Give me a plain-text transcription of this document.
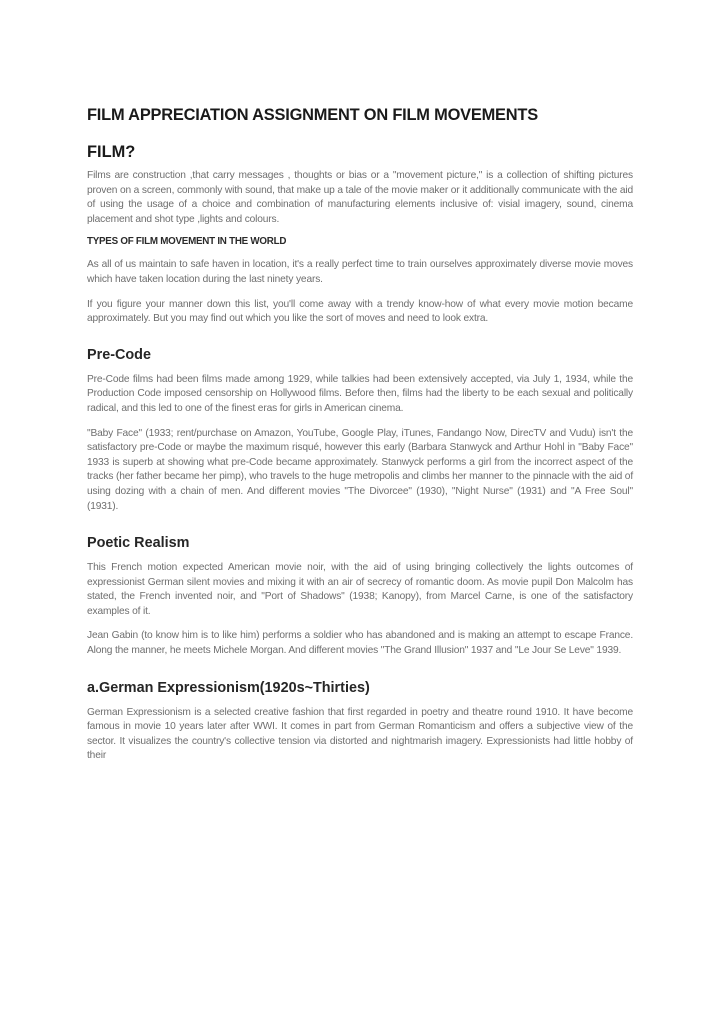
FILM APPRECIATION ASSIGNMENT ON FILM MOVEMENTS
FILM?

Films are construction ,that carry messages , thoughts or bias or a "movement picture," is a collection of shifting pictures proven on a screen, commonly with sound, that make up a tale of the movie maker or it additionally communicate with the aid of using the usage of a choice and combination of manufacturing elements inclusive of: visial imagery, sound, cinema placement and shot type ,lights and colours.

TYPES OF FILM MOVEMENT IN THE WORLD

As all of us maintain to safe haven in location, it's a really perfect time to train ourselves approximately diverse movie moves which have taken location during the last ninety years.

If you figure your manner down this list, you'll come away with a trendy know-how of what every movie motion became approximately. But you may find out which you like the sort of moves and need to look extra.

Pre-Code

Pre-Code films had been films made among 1929, while talkies had been extensively accepted, via July 1, 1934, while the Production Code imposed censorship on Hollywood films. Before then, films had the liberty to be each sexual and politically radical, and this led to one of the finest eras for girls in American cinema.

"Baby Face" (1933; rent/purchase on Amazon, YouTube, Google Play, iTunes, Fandango Now, DirecTV and Vudu) isn't the satisfactory pre-Code or maybe the maximum risqué, however this early (Barbara Stanwyck and Arthur Hohl in "Baby Face" 1933 is superb at showing what pre-Code became approximately. Stanwyck performs a girl from the incorrect aspect of the tracks (her father became her pimp), who travels to the huge metropolis and climbs her manner to the pinnacle with the aid of using dozing with a chain of men. And different movies "The Divorcee" (1930), "Night Nurse" (1931) and "A Free Soul" (1931).

Poetic Realism

This French motion expected American movie noir, with the aid of using bringing collectively the lights outcomes of expressionist German silent movies and mixing it with an air of secrecy of romantic doom. As movie pupil Don Malcolm has stated, the French invented noir, and "Port of Shadows" (1938; Kanopy), from Marcel Carne, is one of the satisfactory examples of it.

Jean Gabin (to know him is to like him) performs a soldier who has abandoned and is making an attempt to escape France. Along the manner, he meets Michele Morgan. And different movies "The Grand Illusion" 1937 and "Le Jour Se Leve" 1939.

a.German Expressionism(1920s~Thirties)

German Expressionism is a selected creative fashion that first regarded in poetry and theatre round 1910. It have become famous in movie 10 years later after WWI. It comes in part from German Romanticism and offers a subjective view of the sector. It visualizes the country's collective tension via distorted and nightmarish imagery. Expressionists had little hobby of their
